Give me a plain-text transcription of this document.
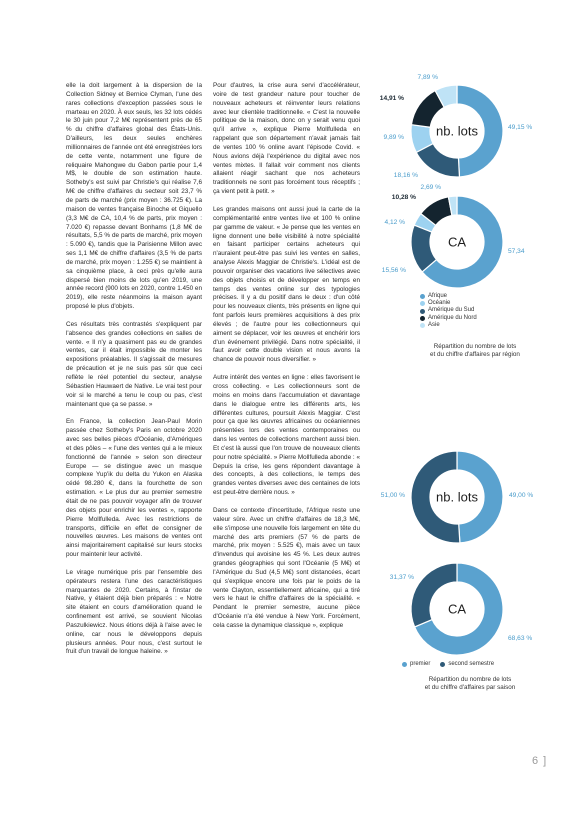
elle la doit largement à la dispersion de la Collection Sidney et Bernice Clyman, l'une des rares collections d'exception passées sous le marteau en 2020. À eux seuls, les 32 lots cédés le 30 juin pour 7,2 M€ représentent près de 65 % du chiffre d'affaires global des États-Unis. D'ailleurs, les deux seules enchères millionnaires de l'année ont été enregistrées lors de cette vente, notamment une figure de reliquaire Mahongwe du Gabon partie pour 1,4 M$, le double de son estimation haute. Sotheby's est suivi par Christie's qui réalise 7,6 M€ de chiffre d'affaires du secteur soit 23,7 % de parts de marché (prix moyen : 36.725 €). La maison de ventes française Binoche et Giquello (3,3 M€ de CA, 10,4 % de parts, prix moyen : 7.020 €) repasse devant Bonhams (1,8 M€ de résultats, 5,5 % de parts de marché, prix moyen : 5.090 €), tandis que la Parisienne Millon avec ses 1,1 M€ de chiffre d'affaires (3,5 % de parts de marché, prix moyen : 1.255 €) se maintient à sa cinquième place, à ceci près qu'elle aura dispersé bien moins de lots qu'en 2019, une année record (900 lots en 2020, contre 1.450 en 2019), elle reste néanmoins la maison ayant proposé le plus d'objets.

Ces résultats très contrastés s'expliquent par l'absence des grandes collections en salles de vente. « Il n'y a quasiment pas eu de grandes ventes, car il était impossible de monter les expositions préalables. Il s'agissait de mesures de précaution et je ne suis pas sûr que ceci reflète le réel potentiel du secteur, analyse Sébastien Hauwaert de Native. Le vrai test pour voir si le marché a tenu le coup ou pas, c'est maintenant que ça se passe. »

En France, la collection Jean-Paul Morin passée chez Sotheby's Paris en octobre 2020 avec ses belles pièces d'Océanie, d'Amériques et des pôles – « l'une des ventes qui a le mieux fonctionné de l'année » selon son directeur Europe — se distingue avec un masque complexe Yup'ik du delta du Yukon en Alaska cédé 98.280 €, dans la fourchette de son estimation. « Le plus dur au premier semestre était de ne pas pouvoir voyager afin de trouver des objets pour enrichir les ventes », rapporte Pierre Mollfulleda. Avec les restrictions de transports, difficile en effet de consigner de nouvelles œuvres. Les maisons de ventes ont ainsi majoritairement capitalisé sur leurs stocks pour maintenir leur activité.

Le virage numérique pris par l'ensemble des opérateurs restera l'une des caractéristiques marquantes de 2020. Certains, à l'instar de Native, y étaient déjà bien préparés : « Notre site étaient en cours d'amélioration quand le confinement est arrivé, se souvient Nicolas Paszulkiewicz. Nous étions déjà à l'aise avec le online, car nous le développons depuis plusieurs années. Pour nous, c'est surtout le fruit d'un travail de longue haleine. »

Pour d'autres, la crise aura servi d'accélérateur, voire de test grandeur nature pour toucher de nouveaux acheteurs et réinventer leurs relations avec leur clientèle traditionnelle. « C'est la nouvelle politique de la maison, donc on y serait venu quoi qu'il arrive », explique Pierre Mollfulleda en rappelant que son département n'avait jamais fait de ventes 100 % online avant l'épisode Covid. « Nous avions déjà l'expérience du digital avec nos ventes mixtes. Il fallait voir comment nos clients allaient réagir sachant que nos acheteurs traditionnels ne sont pas forcément tous réceptifs ; ça vient petit à petit. »

Les grandes maisons ont aussi joué la carte de la complémentarité entre ventes live et 100 % online par gamme de valeur. « Je pense que les ventes en ligne donnent une belle visibilité à notre spécialité en faisant participer certains acheteurs qui n'auraient peut-être pas suivi les ventes en salles, analyse Alexis Maggiar de Christie's. L'idéal est de pouvoir organiser des vacations live sélectives avec des objets choisis et de développer en temps en temps des ventes online sur des typologies précises. Il y a du positif dans le deux : d'un côté pour les nouveaux clients, très présents en ligne qui font parfois leurs premières acquisitions à des prix élevés ; de l'autre pour les collectionneurs qui aiment se déplacer, voir les œuvres et enchérir lors d'un événement privilégié. Dans notre spécialité, il faut avoir cette double vision et nous avons la chance de pouvoir nous diversifier. »

Autre intérêt des ventes en ligne : elles favorisent le cross collecting. « Les collectionneurs sont de moins en moins dans l'accumulation et davantage dans le dialogue entre les différents arts, les différentes cultures, poursuit Alexis Maggiar. C'est pour ça que les œuvres africaines ou océaniennes présentées lors des ventes contemporaines ou dans les ventes de collections marchent aussi bien. Et c'est là aussi que l'on trouve de nouveaux clients pour notre spécialité. » Pierre Mollfulleda abonde : « Depuis la crise, les gens répondent davantage à des concepts, à des collections, le temps des grandes ventes diverses avec des centaines de lots est peut-être derrière nous. »

Dans ce contexte d'incertitude, l'Afrique reste une valeur sûre. Avec un chiffre d'affaires de 18,3 M€, elle s'impose une nouvelle fois largement en tête du marché des arts premiers (57 % de parts de marché, prix moyen : 5.525 €), mais avec un taux d'invendus qui avoisine les 45 %. Les deux autres grandes géographies qui sont l'Océanie (5 M€) et l'Amérique du Sud (4,5 M€) sont distancées, écart qui s'explique encore une fois par le poids de la vente Clayton, essentiellement africaine, qui a tiré vers le haut le chiffre d'affaires de la spécialité. « Pendant le premier semestre, aucune pièce d'Océanie n'a été vendue à New York. Forcément, cela casse la dynamique classique », explique

nb. lots	49,15 %
18,16 %
9,89 %
14,91 %
7,89 %
CA
57,34
15,56 %
4,12 %
10,28 %
2,69 %
Afrique
Océanie
Amérique du Sud
Amérique du Nord
Asie
Répartition du nombre de lots
et du chiffre d'affaires par région
nb. lots	49,00 %
51,00 %
CA
68,63 %
31,37 %
premier	second semestre
Répartition du nombre de lots
et du chiffre d'affaires par saison
6 ]
